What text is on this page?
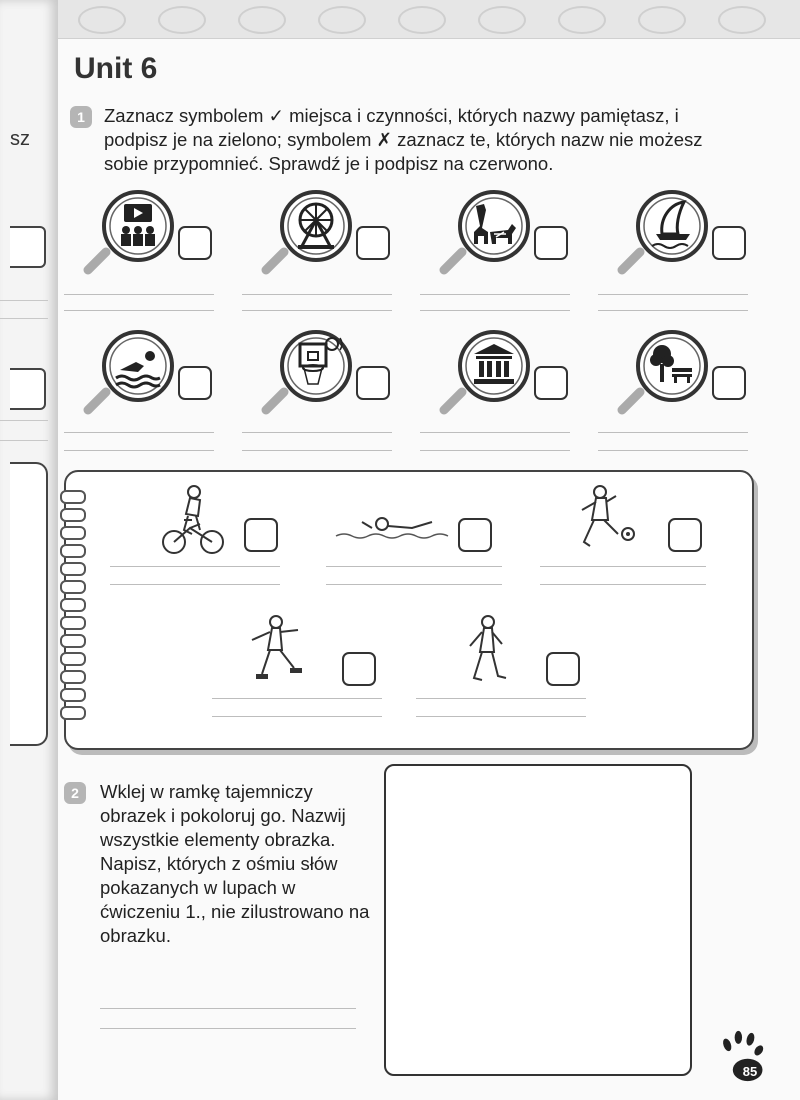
sz
Unit 6
1	Zaznacz symbolem ✓ miejsca i czynności, których nazwy pamiętasz, i podpisz je na zielono; symbolem ✗ zaznacz te, których nazw nie możesz sobie przypomnieć. Sprawdź je i podpisz na czerwono.
2	Wklej w ramkę tajemniczy obrazek i pokoloruj go. Nazwij wszystkie elementy obrazka. Napisz, których z ośmiu słów pokazanych w lupach w ćwiczeniu 1., nie zilustrowano na obrazku.
85
